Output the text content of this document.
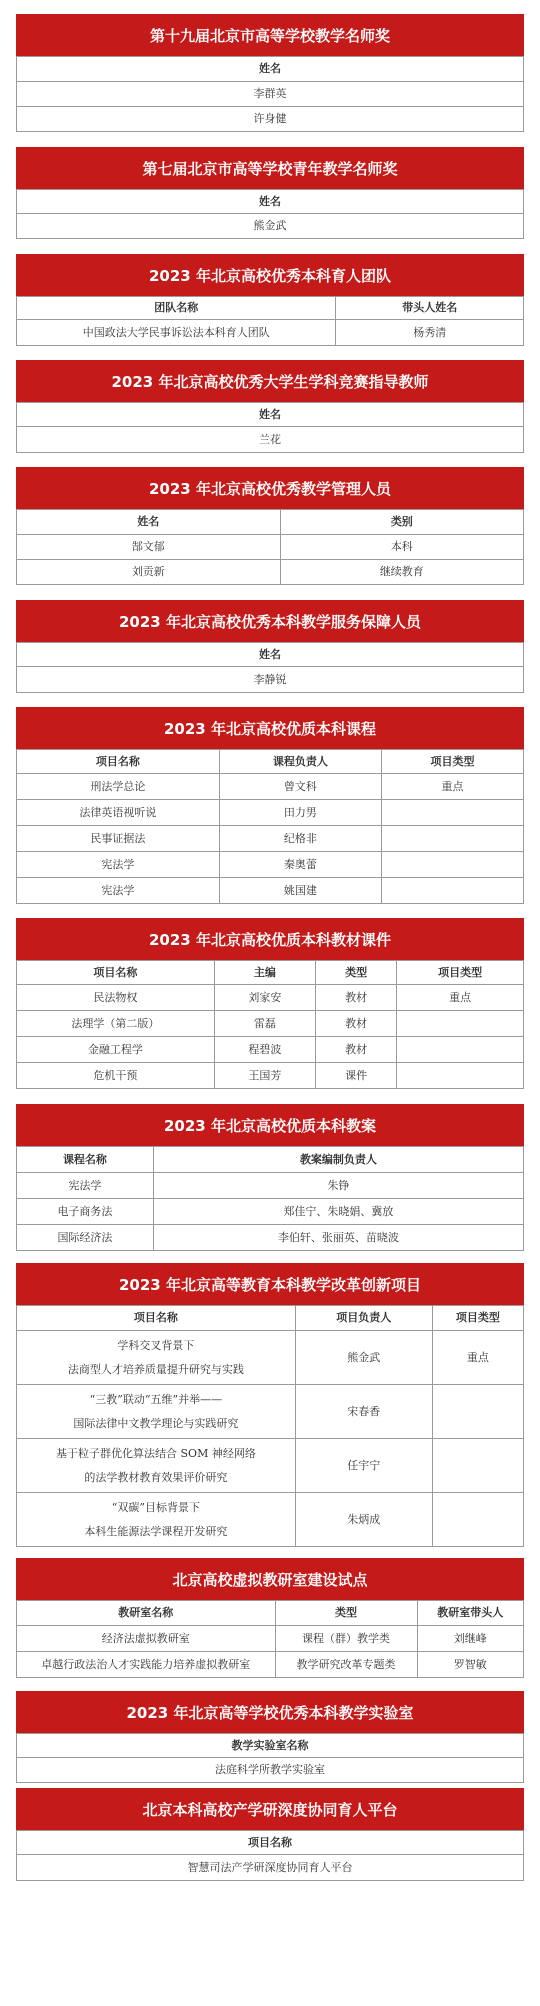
第十九届北京市高等学校教学名师奖
姓名
李群英
许身健
第七届北京市高等学校青年教学名师奖
姓名
熊金武
2023 年北京高校优秀本科育人团队
团队名称	带头人姓名
中国政法大学民事诉讼法本科育人团队	杨秀清
2023 年北京高校优秀大学生学科竞赛指导教师
姓名
兰花
2023 年北京高校优秀教学管理人员
姓名	类别
郜文郁	本科
刘贡新	继续教育
2023 年北京高校优秀本科教学服务保障人员
姓名
李静锐
2023 年北京高校优质本科课程
项目名称	课程负责人	项目类型
刑法学总论	曾文科	重点
法律英语视听说	田力男	
民事证据法	纪格非	
宪法学	秦奥蕾	
宪法学	姚国建	
2023 年北京高校优质本科教材课件
项目名称	主编	类型	项目类型
民法物权	刘家安	教材	重点
法理学（第二版）	雷磊	教材	
金融工程学	程碧波	教材	
危机干预	王国芳	课件	
2023 年北京高校优质本科教案
课程名称	教案编制负责人
宪法学	朱铮
电子商务法	郑佳宁、朱晓娟、冀放
国际经济法	李伯轩、张丽英、苗晓波
2023 年北京高等教育本科教学改革创新项目
项目名称	项目负责人	项目类型
学科交叉背景下
法商型人才培养质量提升研究与实践	熊金武	重点
“三教”联动“五维”并举——
国际法律中文教学理论与实践研究	宋春香	
基于粒子群优化算法结合 SOM 神经网络
的法学教材教育效果评价研究	任宇宁	
“双碳”目标背景下
本科生能源法学课程开发研究	朱炳成	
北京高校虚拟教研室建设试点
教研室名称	类型	教研室带头人
经济法虚拟教研室	课程（群）教学类	刘继峰
卓越行政法治人才实践能力培养虚拟教研室	教学研究改革专题类	罗智敏
2023 年北京高等学校优秀本科教学实验室
教学实验室名称
法庭科学所教学实验室
北京本科高校产学研深度协同育人平台
项目名称
智慧司法产学研深度协同育人平台
